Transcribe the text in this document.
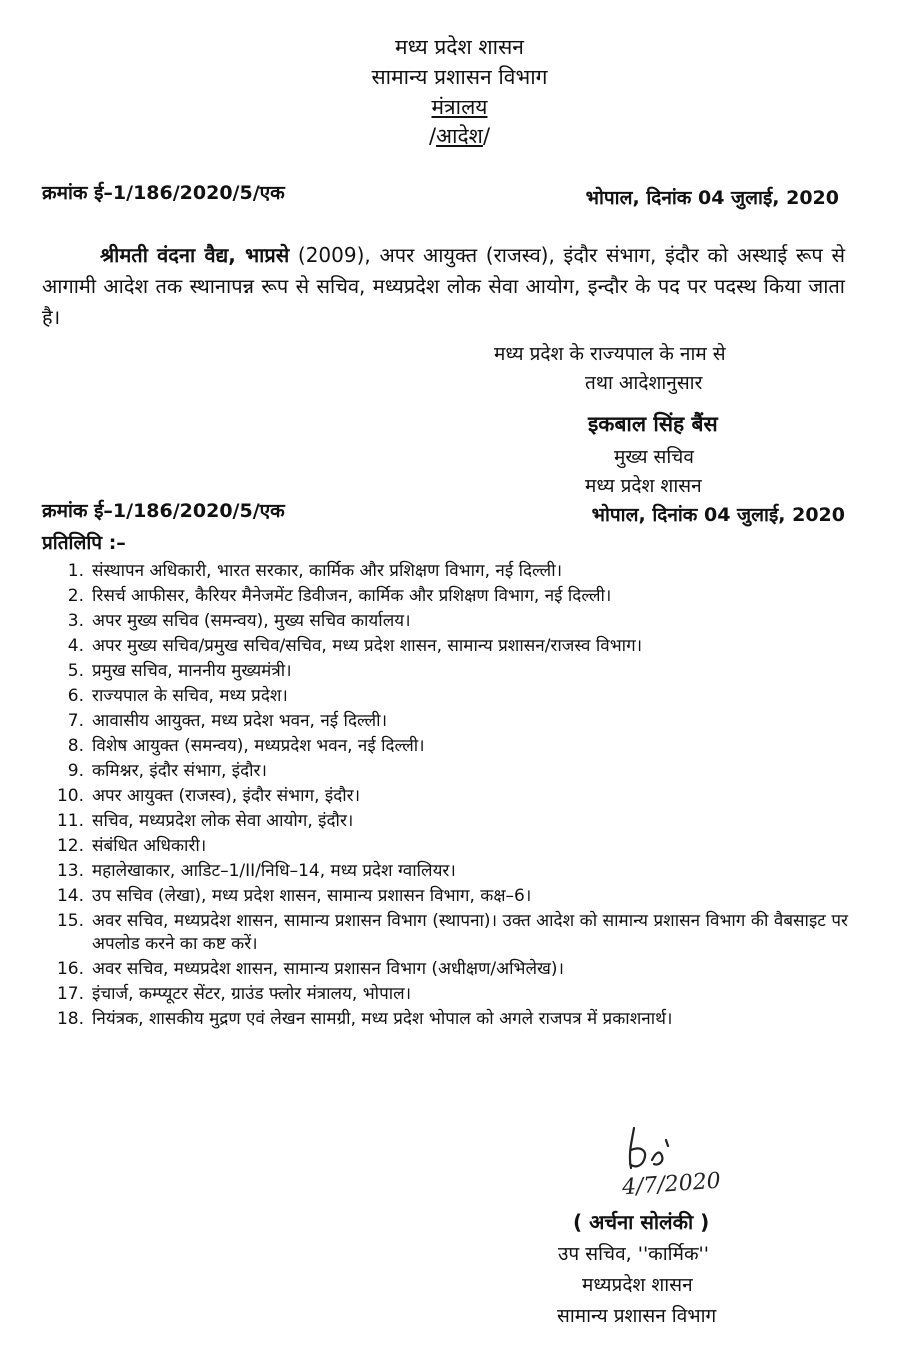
मध्य प्रदेश शासन
सामान्य प्रशासन विभाग
मंत्रालय
/आदेश/
क्रमांक ई–1/186/2020/5/एक	भोपाल, दिनांक 04 जुलाई, 2020
श्रीमती वंदना वैद्य, भाप्रसे (2009), अपर आयुक्त (राजस्व), इंदौर संभाग, इंदौर को अस्थाई रूप से आगामी आदेश तक स्थानापन्न रूप से सचिव, मध्यप्रदेश लोक सेवा आयोग, इन्दौर के पद पर पदस्थ किया जाता है।
मध्य प्रदेश के राज्यपाल के नाम से
तथा आदेशानुसार
इकबाल सिंह बैंस
मुख्य सचिव
मध्य प्रदेश शासन
क्रमांक ई–1/186/2020/5/एक	भोपाल, दिनांक 04 जुलाई, 2020
प्रतिलिपि :–
1. संस्थापन अधिकारी, भारत सरकार, कार्मिक और प्रशिक्षण विभाग, नई दिल्ली।
2. रिसर्च आफीसर, कैरियर मैनेजमेंट डिवीजन, कार्मिक और प्रशिक्षण विभाग, नई दिल्ली।
3. अपर मुख्य सचिव (समन्वय), मुख्य सचिव कार्यालय।
4. अपर मुख्य सचिव/प्रमुख सचिव/सचिव, मध्य प्रदेश शासन, सामान्य प्रशासन/राजस्व विभाग।
5. प्रमुख सचिव, माननीय मुख्यमंत्री।
6. राज्यपाल के सचिव, मध्य प्रदेश।
7. आवासीय आयुक्त, मध्य प्रदेश भवन, नई दिल्ली।
8. विशेष आयुक्त (समन्वय), मध्यप्रदेश भवन, नई दिल्ली।
9. कमिश्नर, इंदौर संभाग, इंदौर।
10. अपर आयुक्त (राजस्व), इंदौर संभाग, इंदौर।
11. सचिव, मध्यप्रदेश लोक सेवा आयोग, इंदौर।
12. संबंधित अधिकारी।
13. महालेखाकार, आडिट–1/II/निधि–14, मध्य प्रदेश ग्वालियर।
14. उप सचिव (लेखा), मध्य प्रदेश शासन, सामान्य प्रशासन विभाग, कक्ष–6।
15. अवर सचिव, मध्यप्रदेश शासन, सामान्य प्रशासन विभाग (स्थापना)। उक्त आदेश को सामान्य प्रशासन विभाग की वैबसाइट पर अपलोड करने का कष्ट करें।
16. अवर सचिव, मध्यप्रदेश शासन, सामान्य प्रशासन विभाग (अधीक्षण/अभिलेख)।
17. इंचार्ज, कम्प्यूटर सेंटर, ग्राउंड फ्लोर मंत्रालय, भोपाल।
18. नियंत्रक, शासकीय मुद्रण एवं लेखन सामग्री, मध्य प्रदेश भोपाल को अगले राजपत्र में प्रकाशनार्थ।
4/7/2020
( अर्चना सोलंकी )
उप सचिव, ''कार्मिक''
मध्यप्रदेश शासन
सामान्य प्रशासन विभाग
